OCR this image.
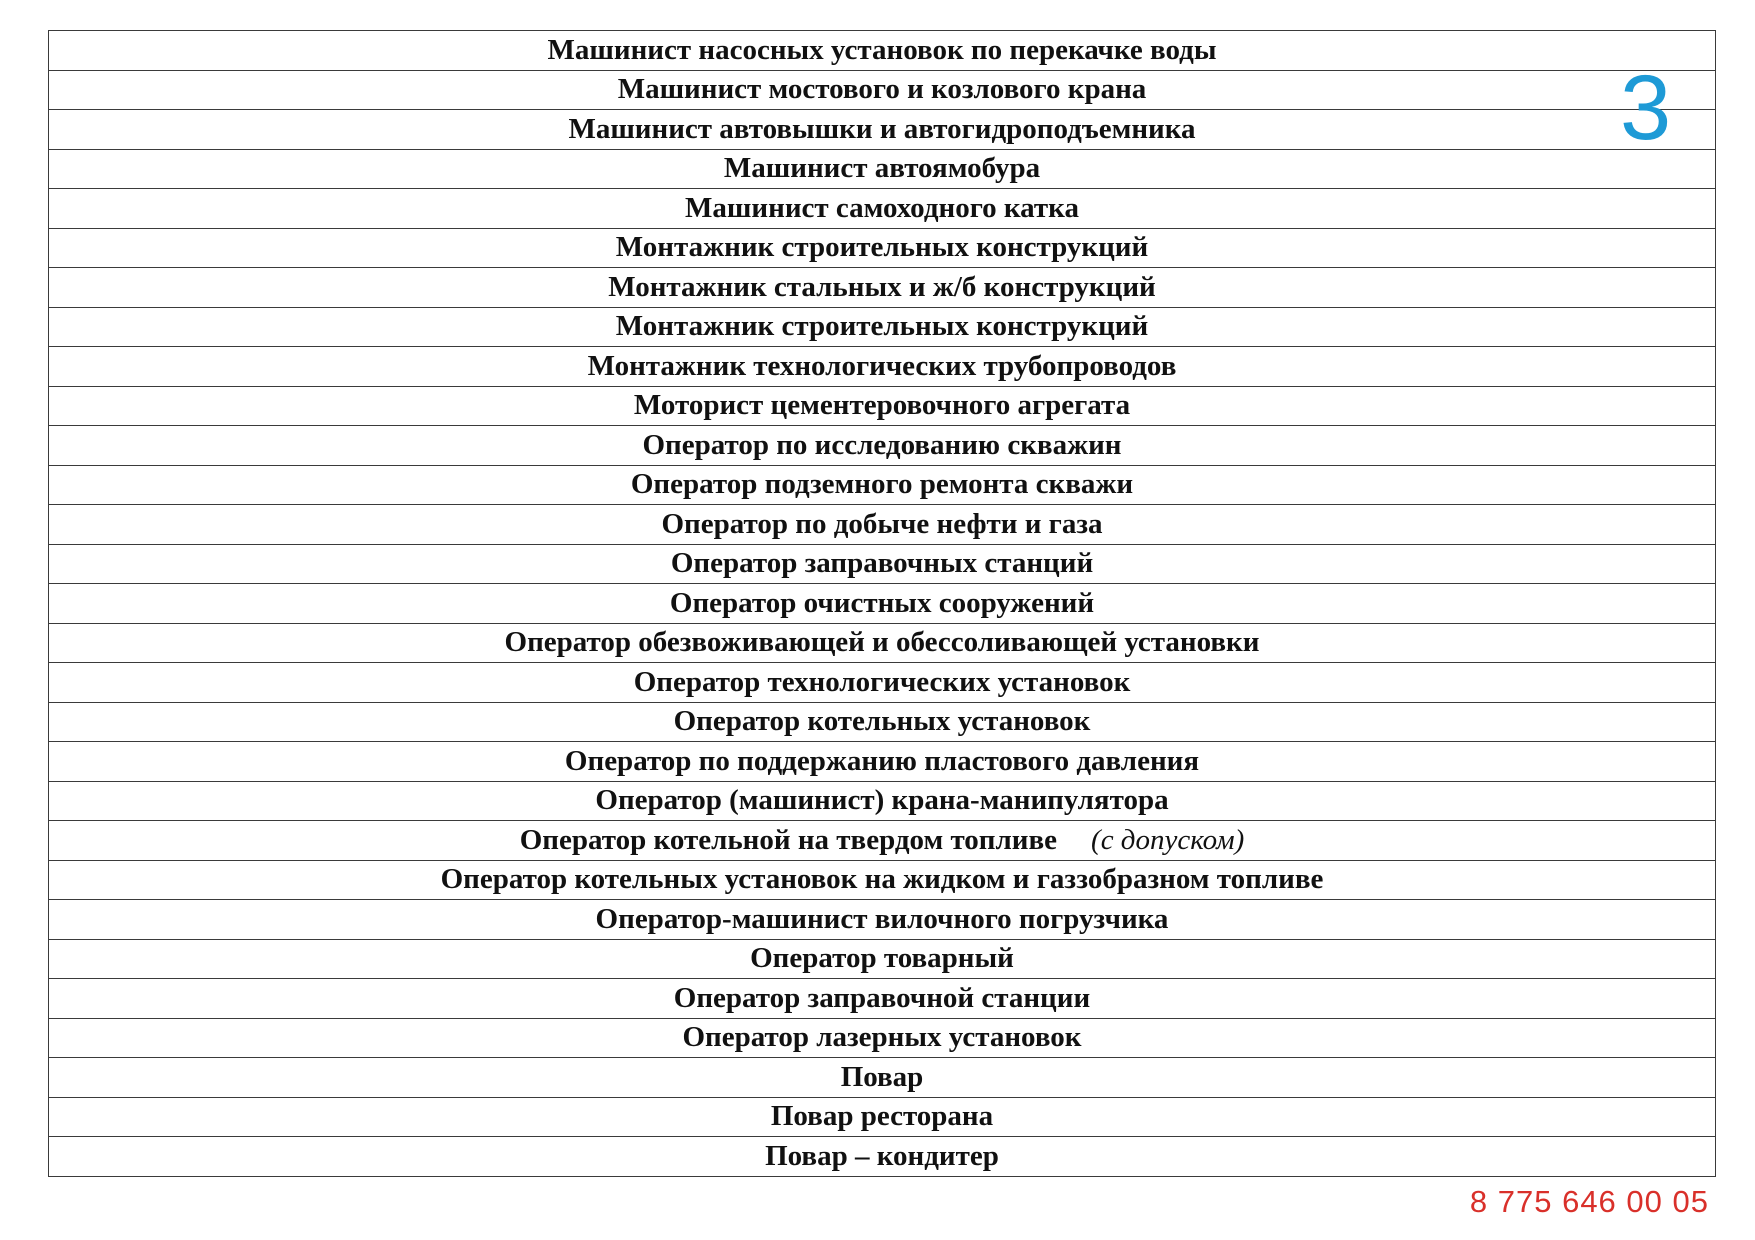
Машинист насосных установок по перекачке воды
Машинист мостового и козлового крана
Машинист автовышки и автогидроподъемника
Машинист автоямобура
Машинист самоходного катка
Монтажник строительных конструкций
Монтажник стальных и ж/б конструкций
Монтажник строительных конструкций
Монтажник технологических трубопроводов
Моторист цементеровочного агрегата
Оператор по исследованию скважин
Оператор подземного ремонта скважи
Оператор по добыче нефти и газа
Оператор заправочных станций
Оператор очистных сооружений
Оператор обезвоживающей и обессоливающей установки
Оператор технологических установок
Оператор котельных установок
Оператор по поддержанию пластового давления
Оператор (машинист) крана-манипулятора
Оператор котельной на твердом топливе (с допуском)
Оператор котельных установок на жидком и газзобразном топливе
Оператор-машинист вилочного погрузчика
Оператор товарный
Оператор заправочной станции
Оператор лазерных установок
Повар
Повар ресторана
Повар – кондитер
3
8 775 646 00 05
